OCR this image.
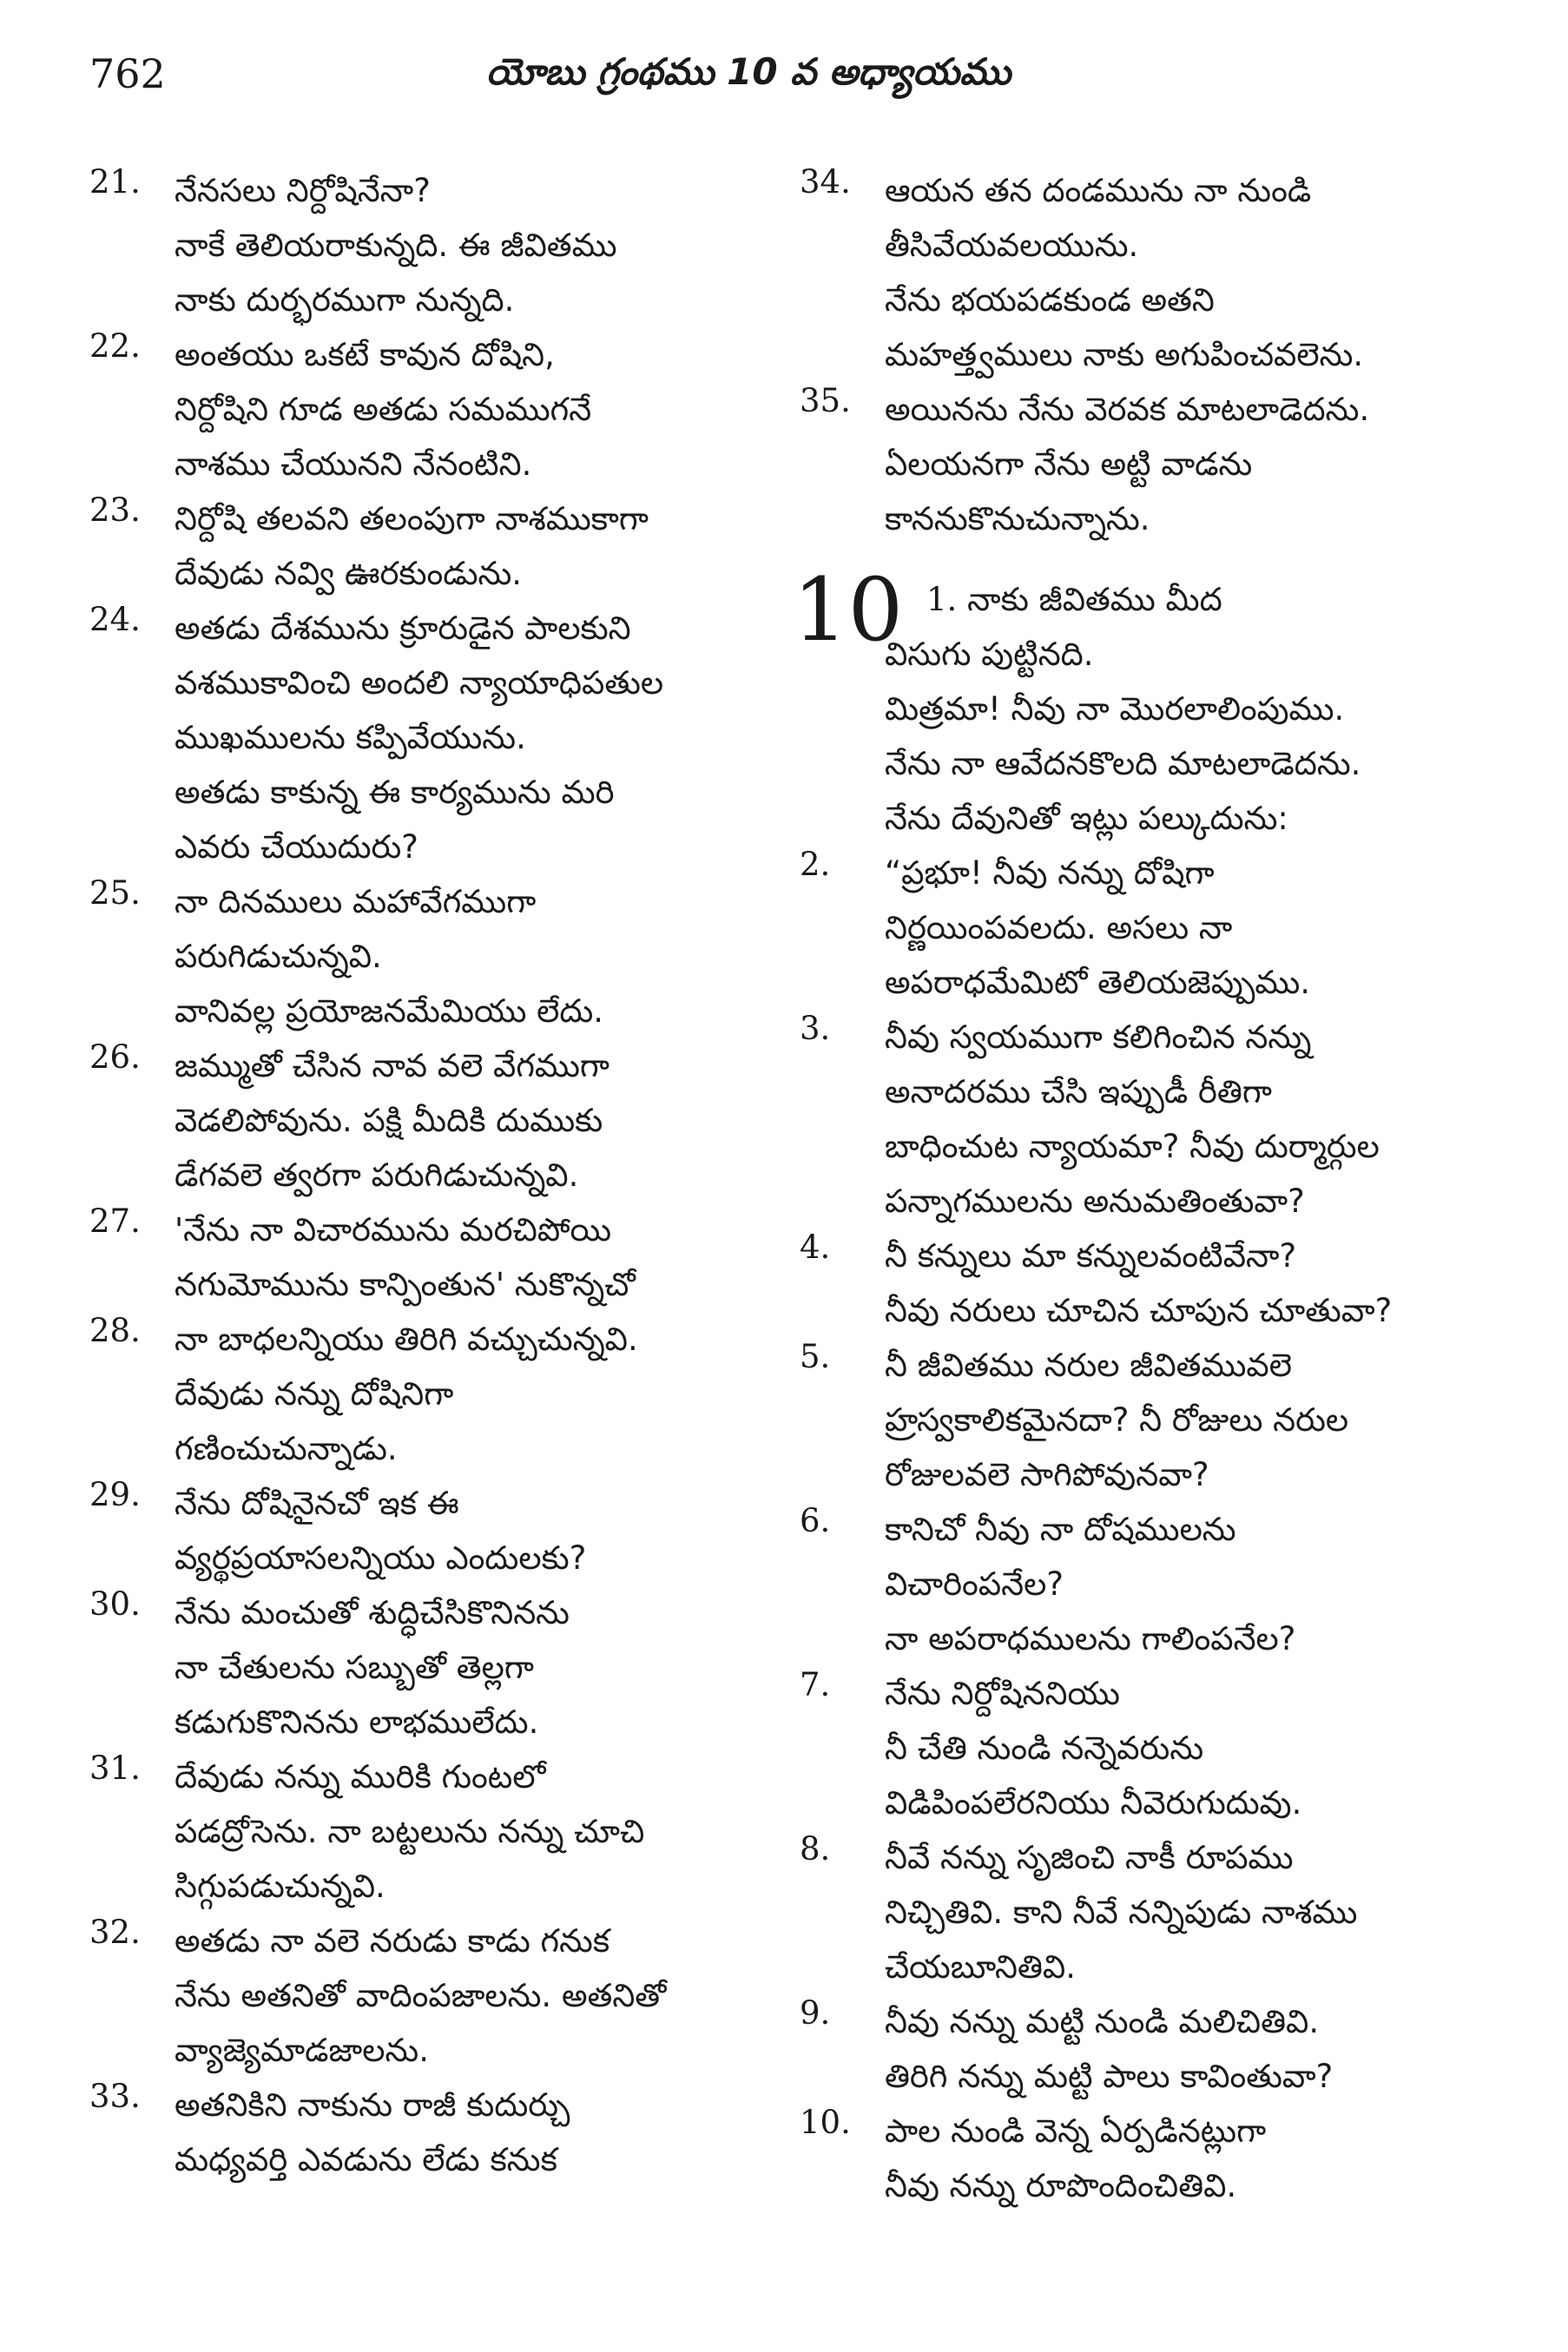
762	యోబు గ్రంథము 10 వ అధ్యాయము
21. నేనసలు నిర్దోషినేనా?
నాకే తెలియరాకున్నది. ఈ జీవితము
నాకు దుర్భరముగా నున్నది.
22. అంతయు ఒకటే కావున దోషిని,
నిర్దోషిని గూడ అతడు సమముగనే
నాశము చేయునని నేనంటిని.
23. నిర్దోషి తలవని తలంపుగా నాశముకాగా
దేవుడు నవ్వి ఊరకుండును.
24. అతడు దేశమును క్రూరుడైన పాలకుని
వశముకావించి అందలి న్యాయాధిపతుల
ముఖములను కప్పివేయును.
అతడు కాకున్న ఈ కార్యమును మరి
ఎవరు చేయుదురు?
25. నా దినములు మహావేగముగా
పరుగిడుచున్నవి.
వానివల్ల ప్రయోజనమేమియు లేదు.
26. జమ్ముతో చేసిన నావ వలె వేగముగా
వెడలిపోవును. పక్షి మీదికి దుముకు
డేగవలె త్వరగా పరుగిడుచున్నవి.
27. 'నేను నా విచారమును మరచిపోయి
నగుమోమును కాన్పింతున' నుకొన్నచో
28. నా బాధలన్నియు తిరిగి వచ్చుచున్నవి.
దేవుడు నన్ను దోషినిగా
గణించుచున్నాడు.
29. నేను దోషినైనచో ఇక ఈ
వ్యర్థప్రయాసలన్నియు ఎందులకు?
30. నేను మంచుతో శుద్ధిచేసికొనినను
నా చేతులను సబ్బుతో తెల్లగా
కడుగుకొనినను లాభములేదు.
31. దేవుడు నన్ను మురికి గుంటలో
పడద్రోసెను. నా బట్టలును నన్ను చూచి
సిగ్గుపడుచున్నవి.
32. అతడు నా వలె నరుడు కాడు గనుక
నేను అతనితో వాదింపజాలను. అతనితో
వ్యాజ్యెమాడజాలను.
33. అతనికిని నాకును రాజీ కుదుర్చు
మధ్యవర్తి ఎవడును లేడు కనుక
34. ఆయన తన దండమును నా నుండి
తీసివేయవలయును.
నేను భయపడకుండ అతని
మహత్త్వములు నాకు అగుపించవలెను.
35. అయినను నేను వెరవక మాటలాడెదను.
ఏలయనగా నేను అట్టి వాడను
కాననుకొనుచున్నాను.
10 1. నాకు జీవితము మీద
విసుగు పుట్టినది.
మిత్రమా! నీవు నా మొరలాలింపుము.
నేను నా ఆవేదనకొలది మాటలాడెదను.
నేను దేవునితో ఇట్లు పల్కుదును:
2. “ప్రభూ! నీవు నన్ను దోషిగా
నిర్ణయింపవలదు. అసలు నా
అపరాధమేమిటో తెలియజెప్పుము.
3. నీవు స్వయముగా కలిగించిన నన్ను
అనాదరము చేసి ఇప్పుడీ రీతిగా
బాధించుట న్యాయమా? నీవు దుర్మార్గుల
పన్నాగములను అనుమతింతువా?
4. నీ కన్నులు మా కన్నులవంటివేనా?
నీవు నరులు చూచిన చూపున చూతువా?
5. నీ జీవితము నరుల జీవితమువలె
హ్రస్వకాలికమైనదా? నీ రోజులు నరుల
రోజులవలె సాగిపోవునవా?
6. కానిచో నీవు నా దోషములను
విచారింపనేల?
నా అపరాధములను గాలింపనేల?
7. నేను నిర్దోషిననియు
నీ చేతి నుండి నన్నెవరును
విడిపింపలేరనియు నీవెరుగుదువు.
8. నీవే నన్ను సృజించి నాకీ రూపము
నిచ్చితివి. కాని నీవే నన్నిపుడు నాశము
చేయబూనితివి.
9. నీవు నన్ను మట్టి నుండి మలిచితివి.
తిరిగి నన్ను మట్టి పాలు కావింతువా?
10. పాల నుండి వెన్న ఏర్పడినట్లుగా
నీవు నన్ను రూపొందించితివి.
